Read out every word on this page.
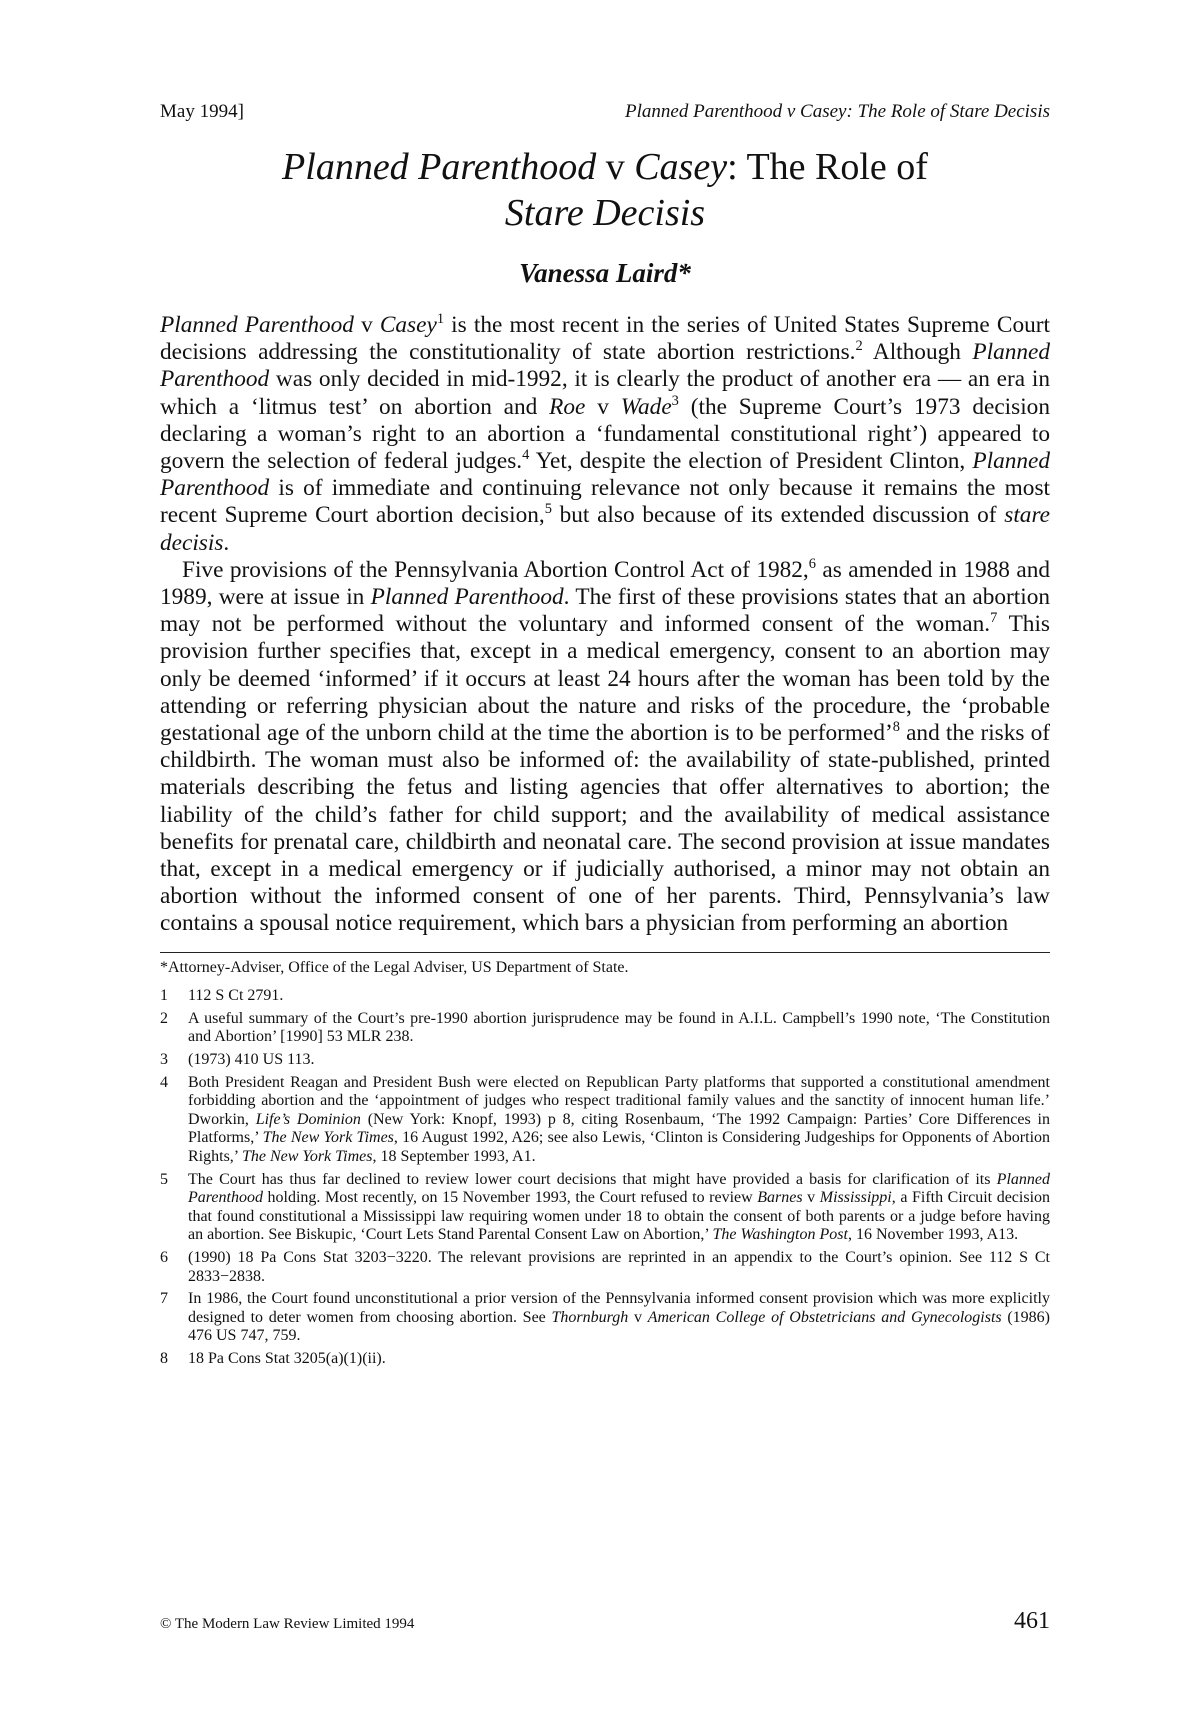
May 1994]	Planned Parenthood v Casey: The Role of Stare Decisis
Planned Parenthood v Casey: The Role of
Stare Decisis
Vanessa Laird*

Planned Parenthood v Casey$^1$ is the most recent in the series of United States Supreme Court decisions addressing the constitutionality of state abortion restrictions.$^2$ Although Planned Parenthood was only decided in mid-1992, it is clearly the product of another era — an era in which a ‘litmus test’ on abortion and Roe v Wade$^3$ (the Supreme Court’s 1973 decision declaring a woman’s right to an abortion a ‘fundamental constitutional right’) appeared to govern the selection of federal judges.$^4$ Yet, despite the election of President Clinton, Planned Parenthood is of immediate and continuing relevance not only because it remains the most recent Supreme Court abortion decision,$^5$ but also because of its extended discussion of stare decisis.

Five provisions of the Pennsylvania Abortion Control Act of 1982,$^6$ as amended in 1988 and 1989, were at issue in Planned Parenthood. The first of these provisions states that an abortion may not be performed without the voluntary and informed consent of the woman.$^7$ This provision further specifies that, except in a medical emergency, consent to an abortion may only be deemed ‘informed’ if it occurs at least 24 hours after the woman has been told by the attending or referring physician about the nature and risks of the procedure, the ‘probable gestational age of the unborn child at the time the abortion is to be performed’$^8$ and the risks of childbirth. The woman must also be informed of: the availability of state-published, printed materials describing the fetus and listing agencies that offer alternatives to abortion; the liability of the child’s father for child support; and the availability of medical assistance benefits for prenatal care, childbirth and neonatal care. The second provision at issue mandates that, except in a medical emergency or if judicially authorised, a minor may not obtain an abortion without the informed consent of one of her parents. Third, Pennsylvania’s law contains a spousal notice requirement, which bars a physician from performing an abortion

*Attorney-Adviser, Office of the Legal Adviser, US Department of State.
1	112 S Ct 2791.
2	A useful summary of the Court’s pre-1990 abortion jurisprudence may be found in A.I.L. Campbell’s 1990 note, ‘The Constitution and Abortion’ [1990] 53 MLR 238.
3	(1973) 410 US 113.
4	Both President Reagan and President Bush were elected on Republican Party platforms that supported a constitutional amendment forbidding abortion and the ‘appointment of judges who respect traditional family values and the sanctity of innocent human life.’ Dworkin, Life’s Dominion (New York: Knopf, 1993) p 8, citing Rosenbaum, ‘The 1992 Campaign: Parties’ Core Differences in Platforms,’ The New York Times, 16 August 1992, A26; see also Lewis, ‘Clinton is Considering Judgeships for Opponents of Abortion Rights,’ The New York Times, 18 September 1993, A1.
5	The Court has thus far declined to review lower court decisions that might have provided a basis for clarification of its Planned Parenthood holding. Most recently, on 15 November 1993, the Court refused to review Barnes v Mississippi, a Fifth Circuit decision that found constitutional a Mississippi law requiring women under 18 to obtain the consent of both parents or a judge before having an abortion. See Biskupic, ‘Court Lets Stand Parental Consent Law on Abortion,’ The Washington Post, 16 November 1993, A13.
6	(1990) 18 Pa Cons Stat 3203−3220. The relevant provisions are reprinted in an appendix to the Court’s opinion. See 112 S Ct 2833−2838.
7	In 1986, the Court found unconstitutional a prior version of the Pennsylvania informed consent provision which was more explicitly designed to deter women from choosing abortion. See Thornburgh v American College of Obstetricians and Gynecologists (1986) 476 US 747, 759.
8	18 Pa Cons Stat 3205(a)(1)(ii).
© The Modern Law Review Limited 1994	461
